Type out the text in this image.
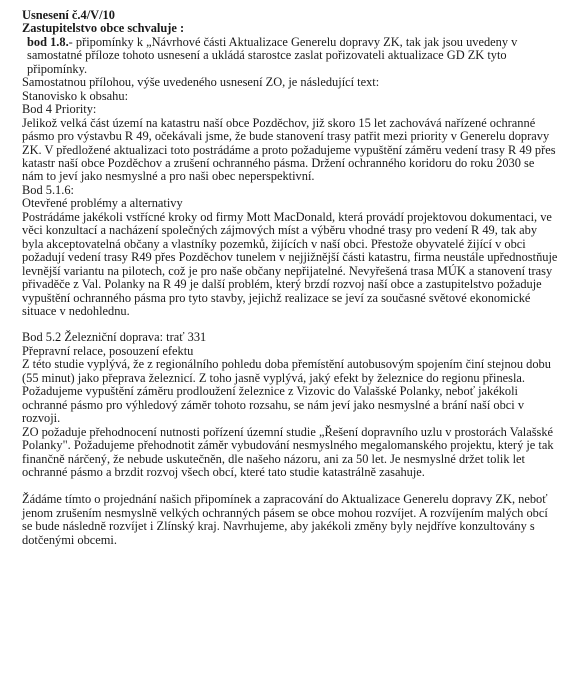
Usnesení č.4/V/10

Zastupitelstvo obce schvaluje :

bod 1.8.- připomínky k „Návrhové části Aktualizace Generelu dopravy ZK, tak jak jsou uvedeny v samostatné příloze tohoto usnesení a ukládá starostce zaslat pořizovateli aktualizace GD ZK tyto připomínky.

Samostatnou přílohou, výše uvedeného usnesení ZO, je následující text:

Stanovisko k obsahu:

Bod 4 Priority:

Jelikož velká část území na katastru naší obce Pozděchov, již skoro 15 let zachovává nařízené ochranné pásmo pro výstavbu R 49, očekávali jsme, že bude stanovení trasy patřit mezi priority v Generelu dopravy ZK. V předložené aktualizaci toto postrádáme a proto požadujeme vypuštění záměru vedení trasy R 49 přes katastr naší obce Pozděchov a zrušení ochranného pásma. Držení ochranného koridoru do roku 2030 se nám to jeví jako nesmyslné a pro naši obec neperspektivní.

Bod 5.1.6:

Otevřené problémy a alternativy

Postrádáme jakékoli vstřícné kroky od firmy Mott MacDonald, která provádí projektovou dokumentaci, ve věci konzultací a nacházení společných zájmových míst a výběru vhodné trasy pro vedení R 49, tak aby byla akceptovatelná občany a vlastníky pozemků, žijících v naší obci. Přestože obyvatelé žijící v obci požadují vedení trasy R49 přes Pozděchov tunelem v nejjižnější části katastru, firma neustále upřednostňuje levnější variantu na pilotech, což je pro naše občany nepřijatelné. Nevyřešená trasa MÚK a stanovení trasy přivaděče z Val. Polanky na R 49 je další problém, který brzdí rozvoj naší obce a zastupitelstvo požaduje vypuštění ochranného pásma pro tyto stavby, jejichž realizace se jeví za současné světové ekonomické situace v nedohlednu.

Bod 5.2 Železniční doprava: trať 331

Přepravní relace, posouzení efektu

Z této studie vyplývá, že z regionálního pohledu doba přemístění autobusovým spojením činí stejnou dobu (55 minut) jako přeprava železnicí. Z toho jasně vyplývá, jaký efekt by železnice do regionu přinesla. Požadujeme vypuštění záměru prodloužení železnice z Vizovic do Valašské Polanky, neboť jakékoli ochranné pásmo pro výhledový záměr tohoto rozsahu, se nám jeví jako nesmyslné a brání naší obci v rozvoji.

ZO požaduje přehodnocení nutnosti pořízení územní studie „Řešení dopravního uzlu v prostorách Valašské Polanky". Požadujeme přehodnotit záměr vybudování nesmyslného megalomanského projektu, který je tak finančně nárčený, že nebude uskutečněn, dle našeho názoru, ani za 50 let. Je nesmyslné držet tolik let ochranné pásmo a brzdit rozvoj všech obcí, které tato studie katastrálně zasahuje.

Žádáme tímto o projednání našich připomínek a zapracování do Aktualizace Generelu dopravy ZK, neboť jenom zrušením nesmyslně velkých ochranných pásem se obce mohou rozvíjet. A rozvíjením malých obcí se bude následně rozvíjet i Zlínský kraj. Navrhujeme, aby jakékoli změny byly nejdříve konzultovány s dotčenými obcemi.
